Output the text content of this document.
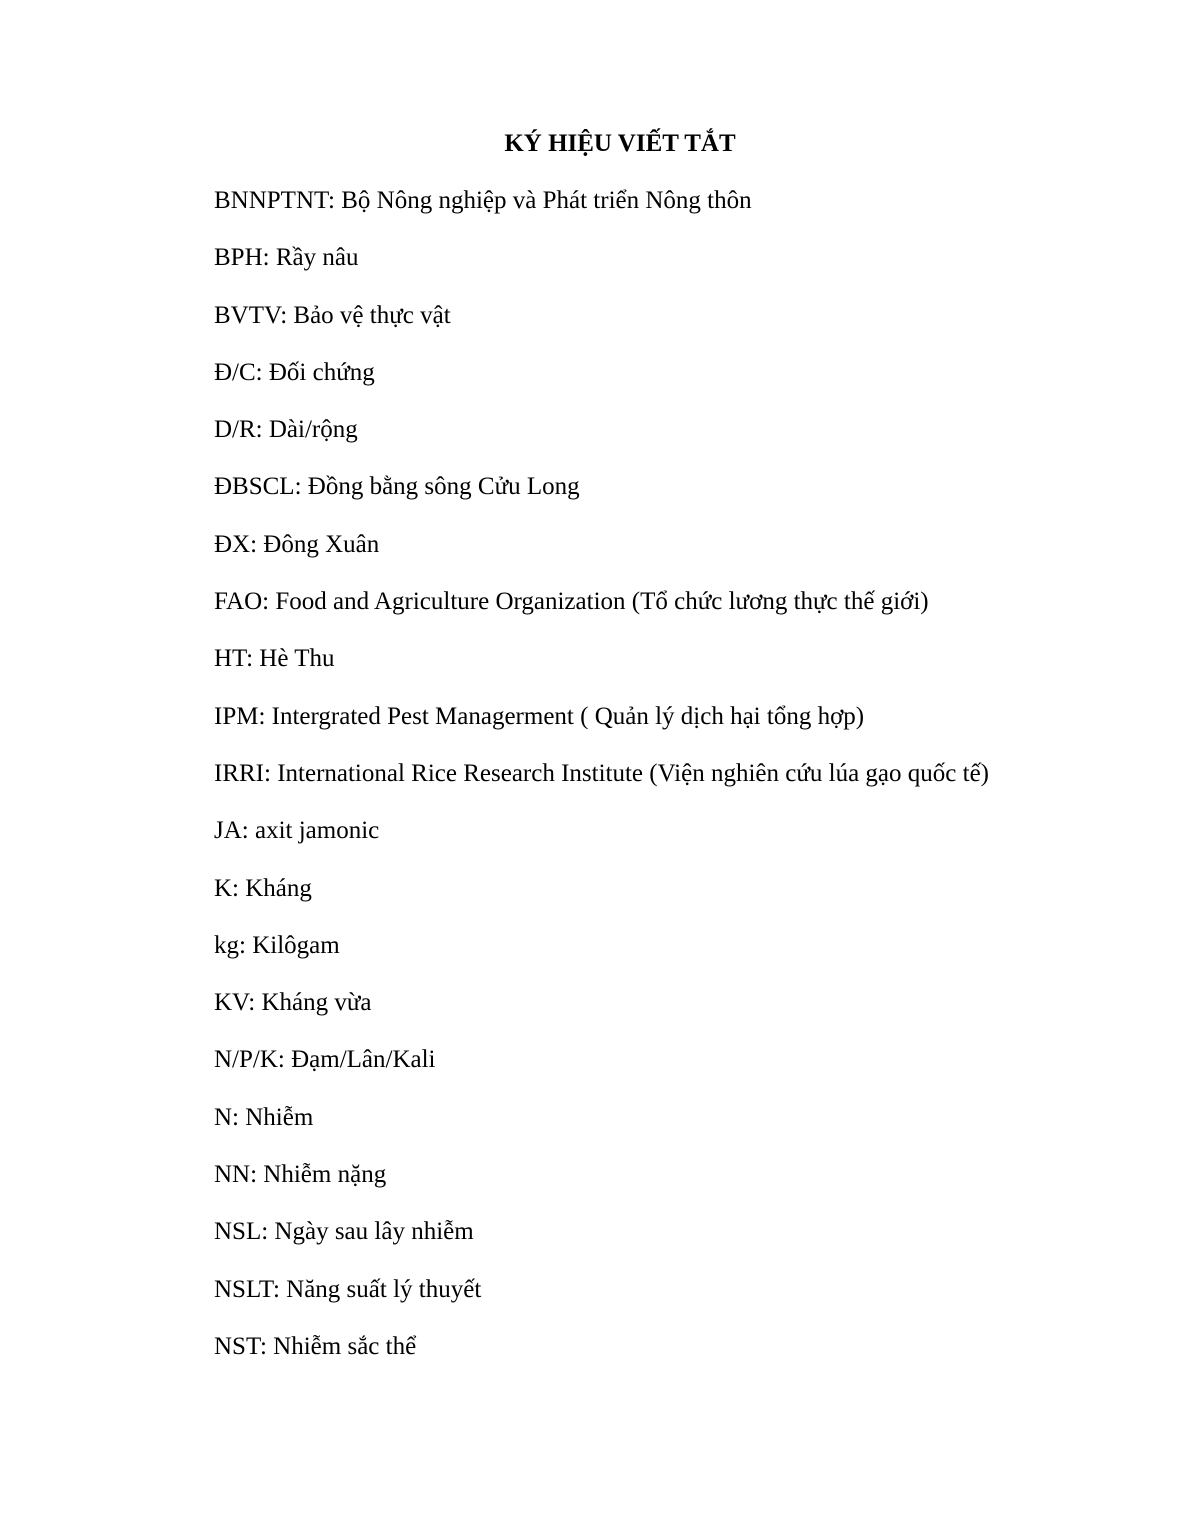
KÝ HIỆU VIẾT TẮT
BNNPTNT: Bộ Nông nghiệp và Phát triển Nông thôn
BPH: Rầy nâu
BVTV: Bảo vệ thực vật
Đ/C: Đối chứng
D/R: Dài/rộng
ĐBSCL: Đồng bằng sông Cửu Long
ĐX: Đông Xuân
FAO: Food and Agriculture Organization (Tổ chức lương thực thế giới)
HT: Hè Thu
IPM: Intergrated Pest Managerment ( Quản lý dịch hại tổng hợp)
IRRI: International Rice Research Institute (Viện nghiên cứu lúa gạo quốc tế)
JA: axit jamonic
K: Kháng
kg: Kilôgam
KV: Kháng vừa
N/P/K: Đạm/Lân/Kali
N: Nhiễm
NN: Nhiễm nặng
NSL: Ngày sau lây nhiễm
NSLT: Năng suất lý thuyết
NST: Nhiễm sắc thể
